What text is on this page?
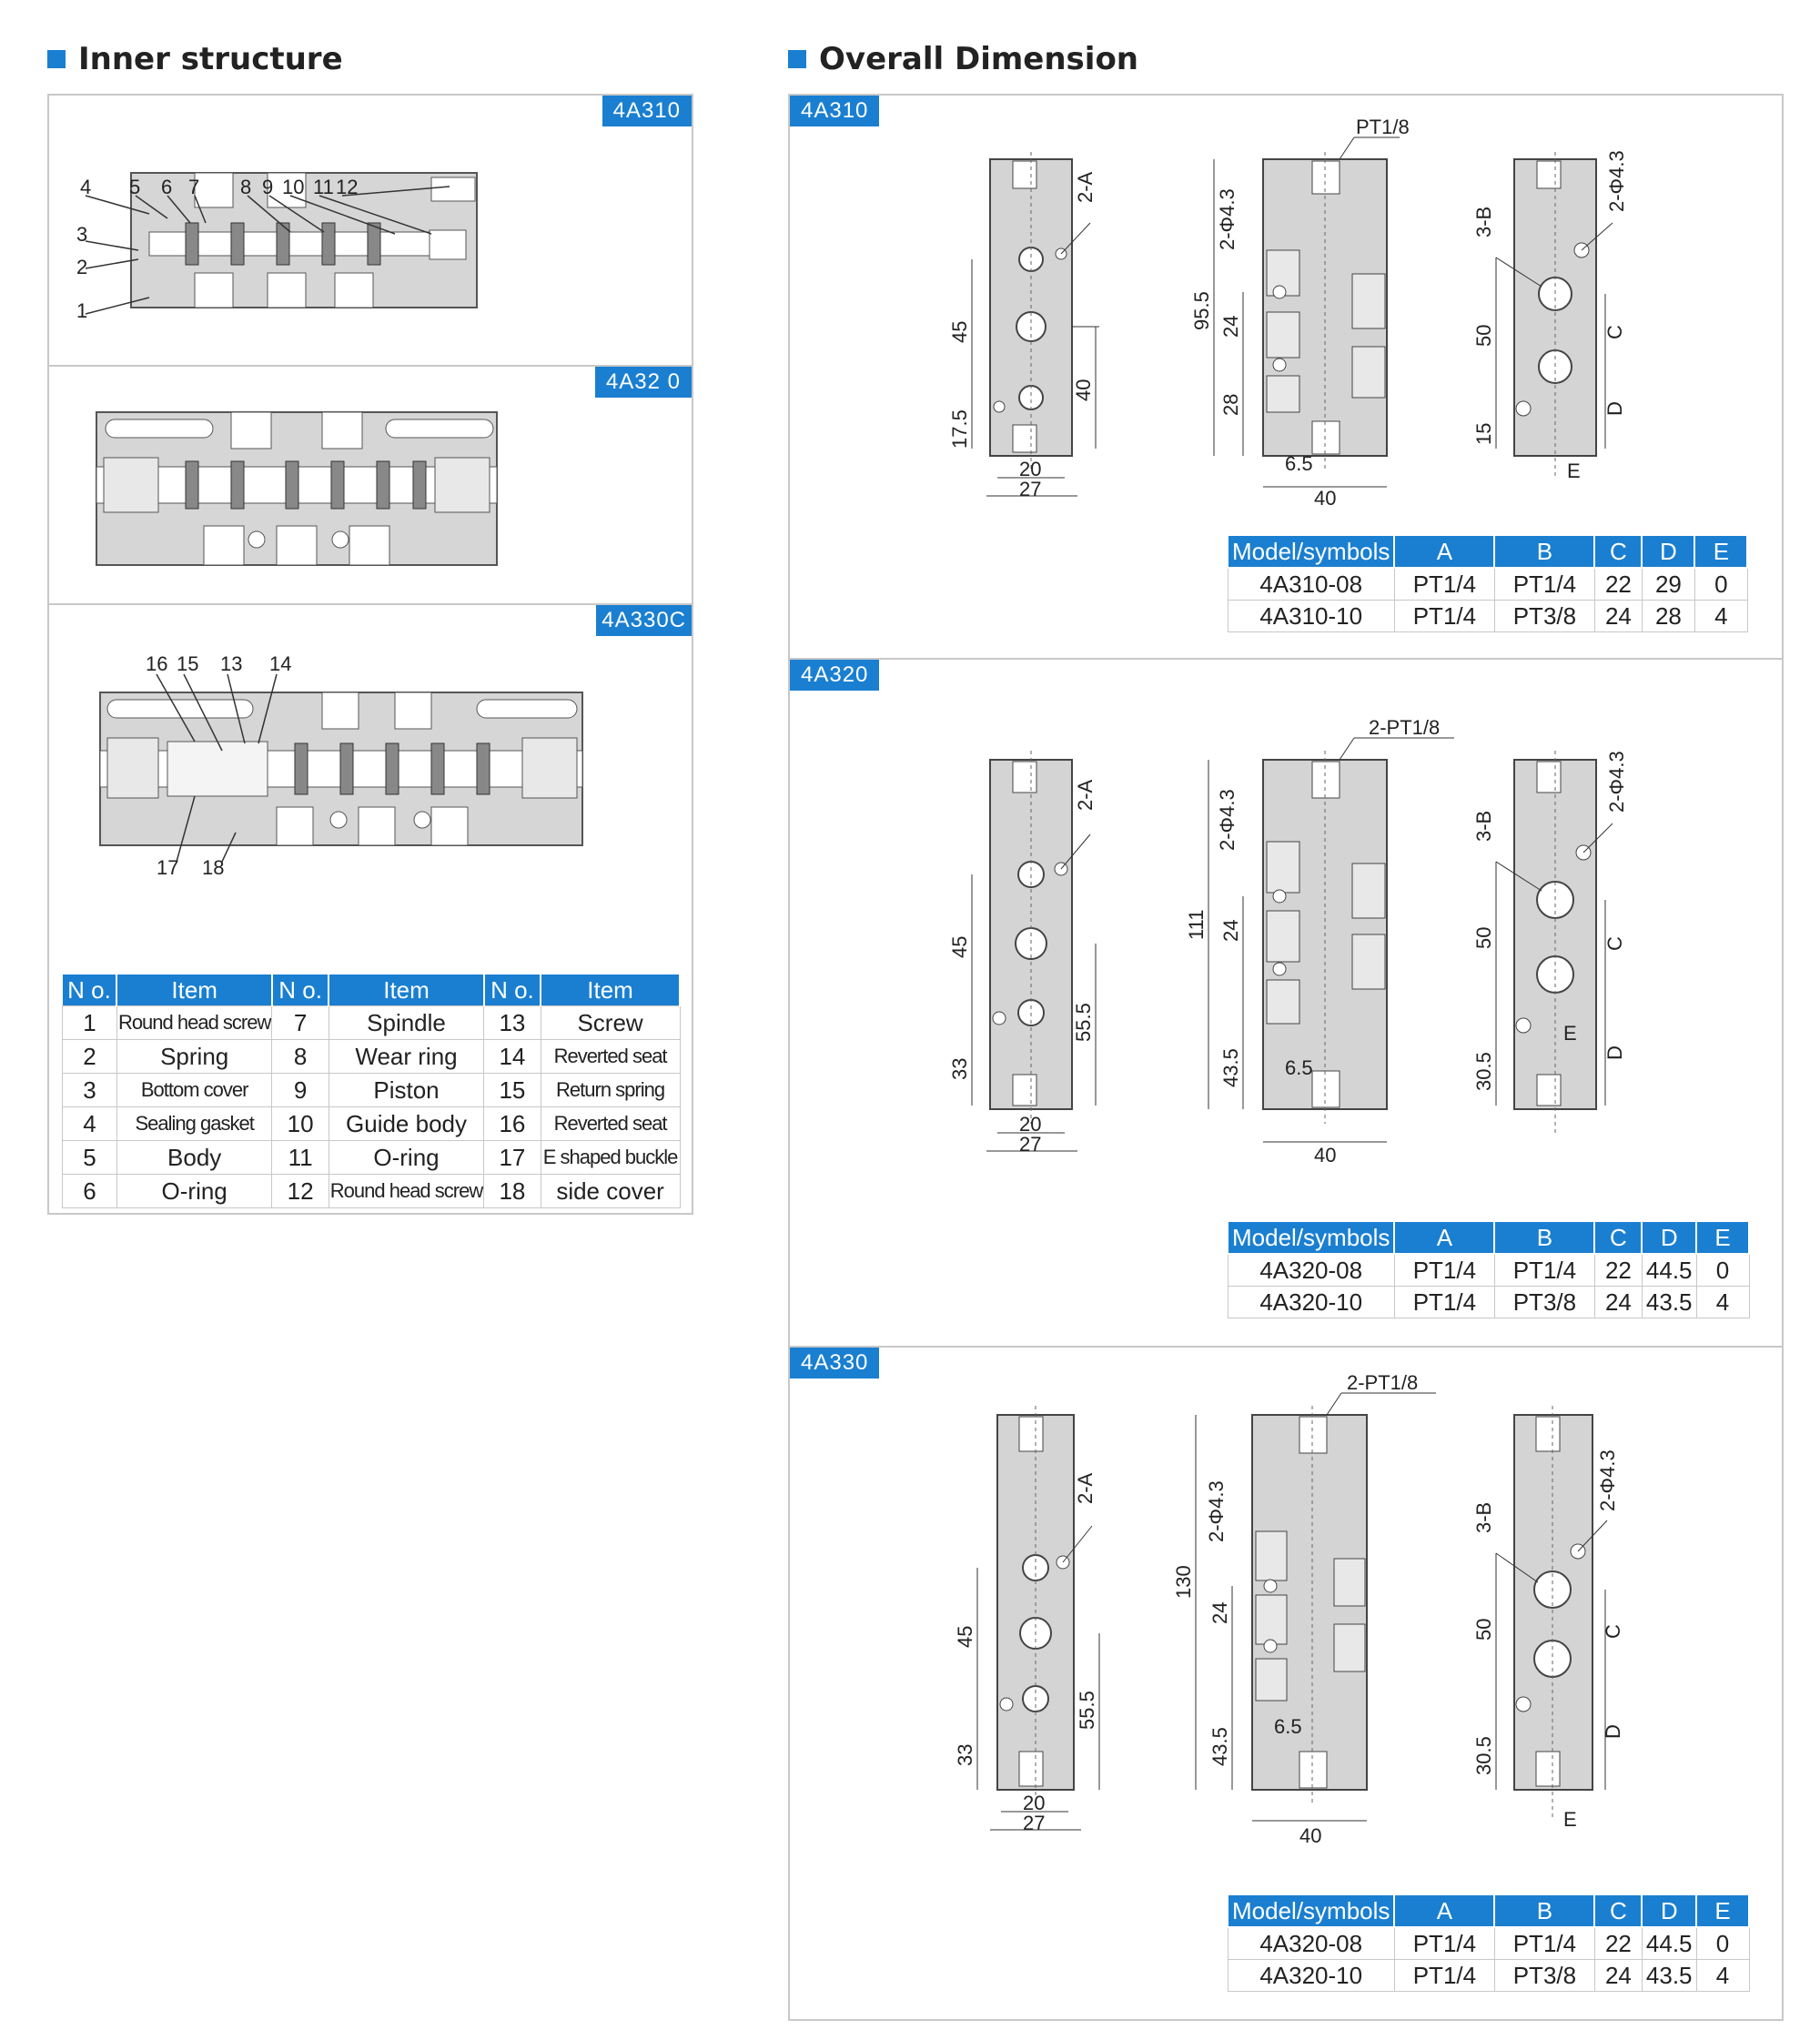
Inner structure
4A310
4A32 0
4A330C
1
2
3
4 5 6 7 8 9 10 11 12
16 15 13 14
17 18
N o.	Item	N o.	Item	N o.	Item
1	Round head screw	7	Spindle	13	Screw
2	Spring	8	Wear ring	14	Reverted seat
3	Bottom cover	9	Piston	15	Return spring
4	Sealing gasket	10	Guide body	16	Reverted seat
5	Body	11	O-ring	17	E shaped buckle
6	O-ring	12	Round head screw	18	side cover
Overall Dimension
4A310
2-A
45
17.5
40
20
27
PT1/8
2-Φ4.3
95.5 24
28
6.5
40
3-B
2-Φ4.3
50
15
C
D
E
Model/symbols	A	B	C	D	E
4A310-08	PT1/4	PT1/4	22	29	0
4A310-10	PT1/4	PT3/8	24	28	4
4A320
2-A
45
33
55.5
20
27
2-PT1/8
2-Φ4.3
111 24
43.5 6.5
40
3-B
2-Φ4.3
50
30.5
C
D
E
Model/symbols	A	B	C	D	E
4A320-08	PT1/4	PT1/4	22	44.5	0
4A320-10	PT1/4	PT3/8	24	43.5	4
4A330
2-A
45
33
55.5
20
27
2-PT1/8
2-Φ4.3
130
24
43.5
6.5
40
3-B
2-Φ4.3
50
30.5
C
D
E
Model/symbols	A	B	C	D	E
4A320-08	PT1/4	PT1/4	22	44.5	0
4A320-10	PT1/4	PT3/8	24	43.5	4
